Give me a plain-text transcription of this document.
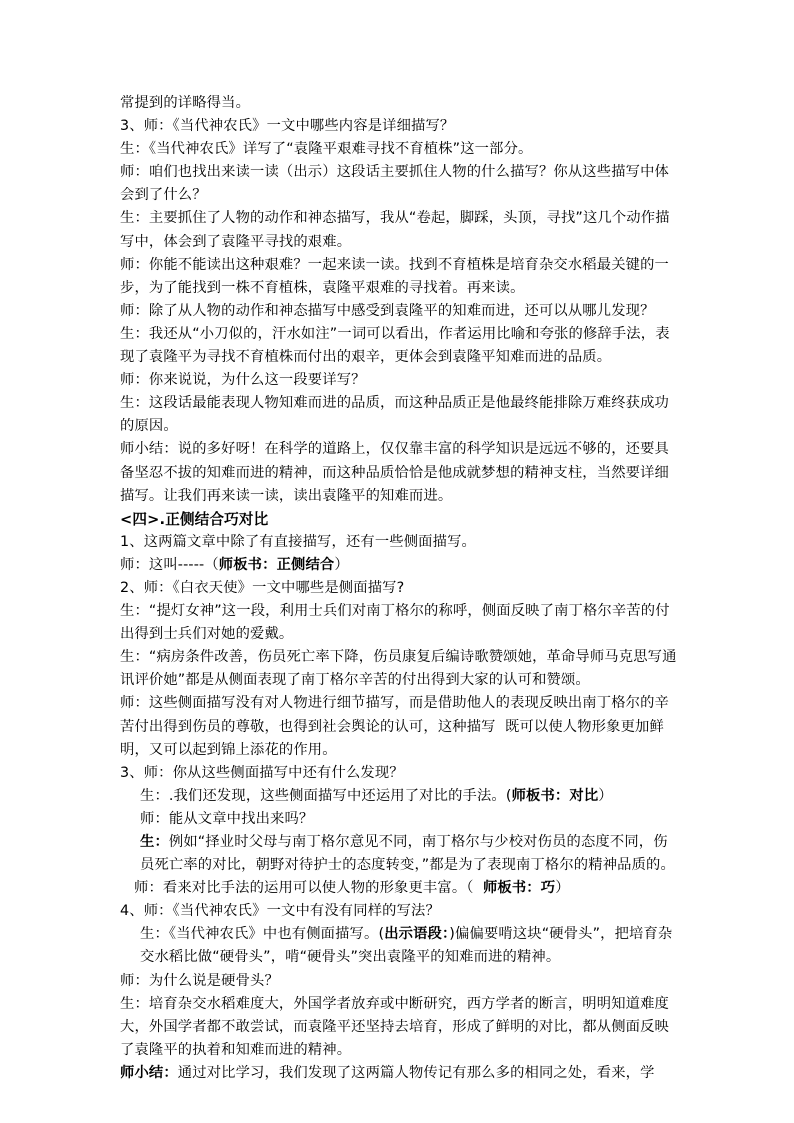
常提到的详略得当。

3、师：《当代神农氏》一文中哪些内容是详细描写？

生：《当代神农氏》详写了“袁隆平艰难寻找不育植株”这一部分。

师：咱们也找出来读一读（出示）这段话主要抓住人物的什么描写？你从这些描写中体会到了什么？

生：主要抓住了人物的动作和神态描写，我从“卷起，脚踩，头顶，寻找”这几个动作描写中，体会到了袁隆平寻找的艰难。

师：你能不能读出这种艰难？一起来读一读。找到不育植株是培育杂交水稻最关键的一步，为了能找到一株不育植株，袁隆平艰难的寻找着。再来读。

师：除了从人物的动作和神态描写中感受到袁隆平的知难而进，还可以从哪儿发现？

生：我还从“小刀似的，汗水如注”一词可以看出，作者运用比喻和夸张的修辞手法，表现了袁隆平为寻找不育植株而付出的艰辛，更体会到袁隆平知难而进的品质。

师：你来说说，为什么这一段要详写？

生：这段话最能表现人物知难而进的品质，而这种品质正是他最终能排除万难终获成功的原因。

师小结：说的多好呀！在科学的道路上，仅仅靠丰富的科学知识是远远不够的，还要具备坚忍不拔的知难而进的精神，而这种品质恰恰是他成就梦想的精神支柱，当然要详细描写。让我们再来读一读，读出袁隆平的知难而进。

<四>.正侧结合巧对比

1、这两篇文章中除了有直接描写，还有一些侧面描写。

师：这叫-----（师板书：正侧结合）

2、师：《白衣天使》一文中哪些是侧面描写?

生：“提灯女神”这一段，利用士兵们对南丁格尔的称呼，侧面反映了南丁格尔辛苦的付出得到士兵们对她的爱戴。

生：“病房条件改善，伤员死亡率下降，伤员康复后编诗歌赞颂她，革命导师马克思写通讯评价她”都是从侧面表现了南丁格尔辛苦的付出得到大家的认可和赞颂。

师：这些侧面描写没有对人物进行细节描写，而是借助他人的表现反映出南丁格尔的辛苦付出得到伤员的尊敬，也得到社会舆论的认可，这种描写  既可以使人物形象更加鲜明，又可以起到锦上添花的作用。

3、师：你从这些侧面描写中还有什么发现？

生：.我们还发现，这些侧面描写中还运用了对比的手法。(师板书：对比）

师：能从文章中找出来吗？

生：例如“择业时父母与南丁格尔意见不同，南丁格尔与少校对伤员的态度不同，伤员死亡率的对比，朝野对待护士的态度转变，”都是为了表现南丁格尔的精神品质的。

师：看来对比手法的运用可以使人物的形象更丰富。（  师板书：巧）

4、师：《当代神农氏》一文中有没有同样的写法？

生：《当代神农氏》中也有侧面描写。(出示语段：)偏偏要啃这块“硬骨头”，把培育杂交水稻比做“硬骨头”，啃“硬骨头”突出袁隆平的知难而进的精神。

师：为什么说是硬骨头？

生：培育杂交水稻难度大，外国学者放弃或中断研究，西方学者的断言，明明知道难度大，外国学者都不敢尝试，而袁隆平还坚持去培育，形成了鲜明的对比，都从侧面反映了袁隆平的执着和知难而进的精神。

师小结：通过对比学习，我们发现了这两篇人物传记有那么多的相同之处，看来，学
